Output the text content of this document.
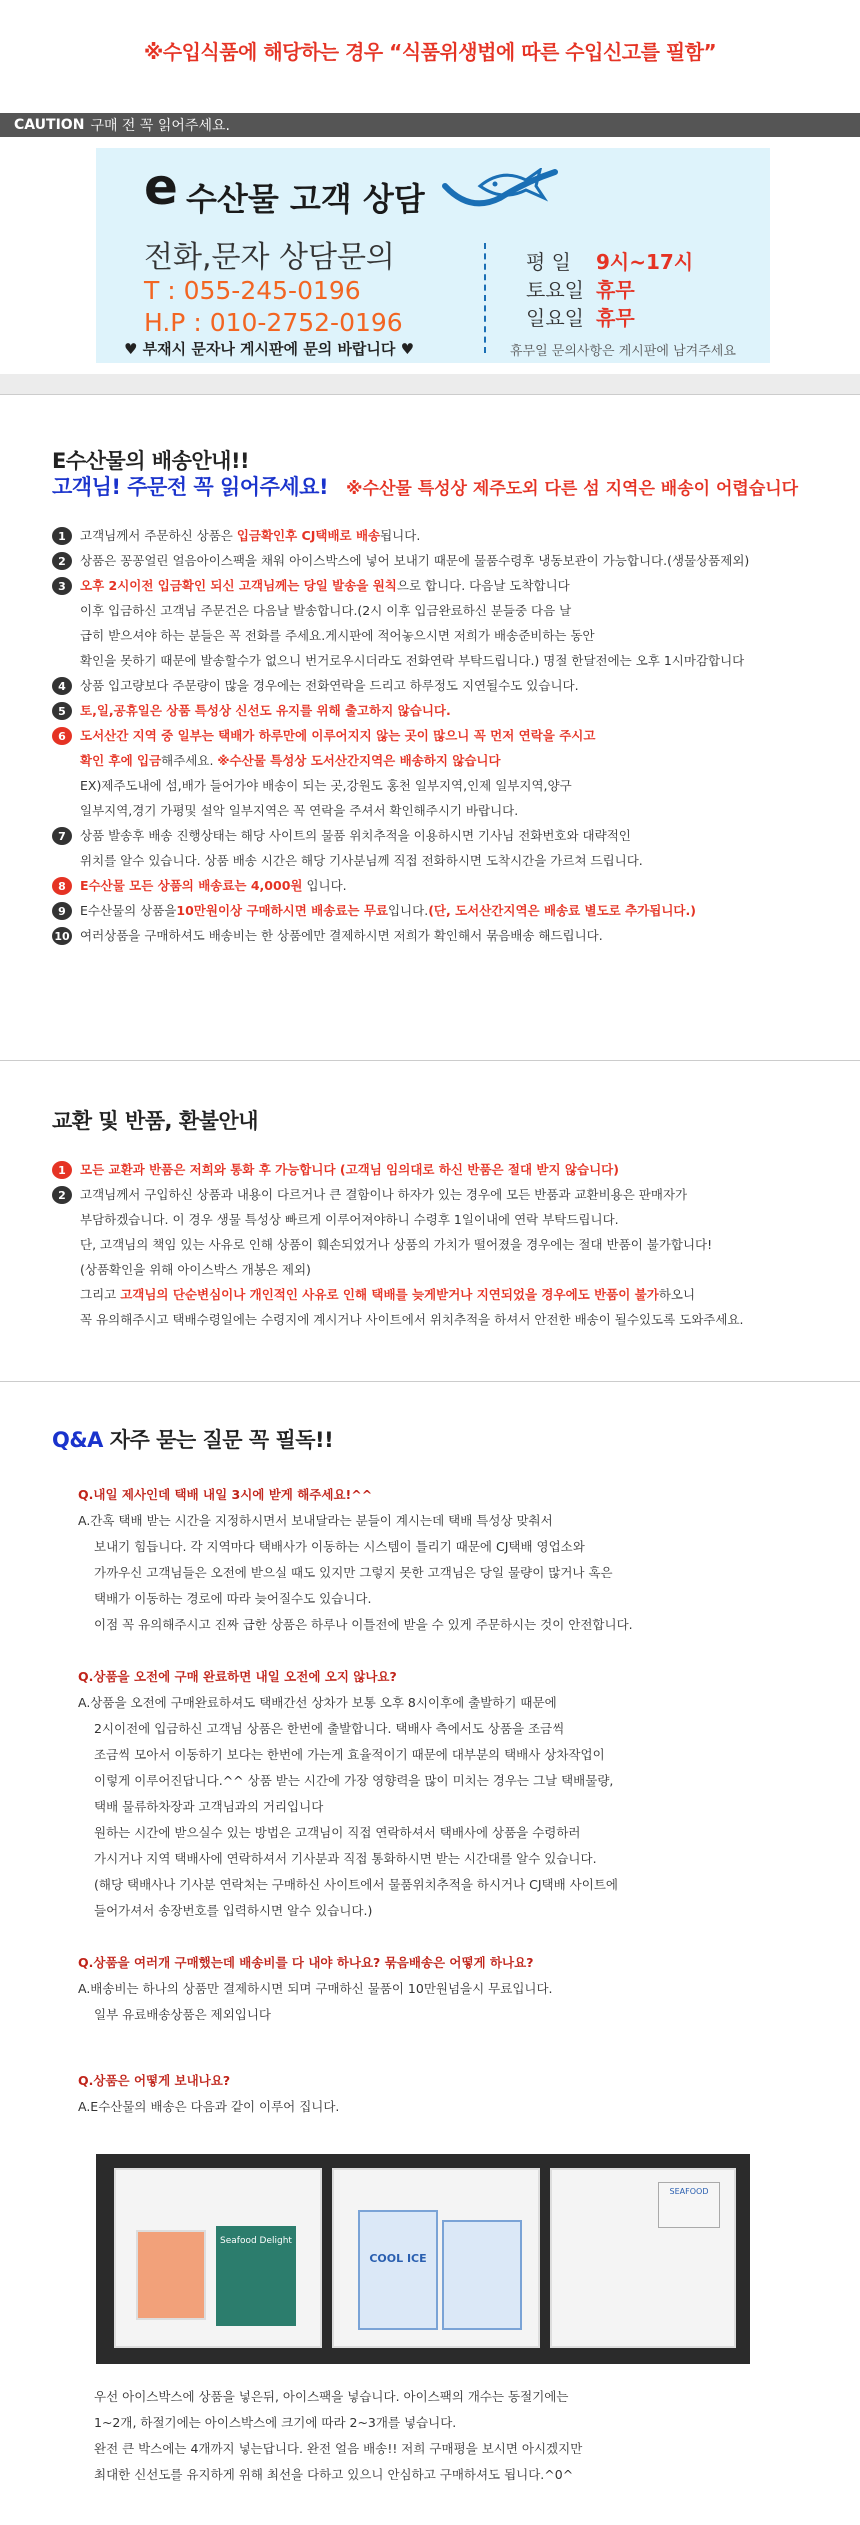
※수입식품에 해당하는 경우 “식품위생법에 따른 수입신고를 필함”
CAUTION 구매 전 꼭 읽어주세요.
e 수산물 고객 상담
전화,문자 상담문의
T : 055-245-0196
H.P : 010-2752-0196
♥ 부재시 문자나 게시판에 문의 바랍니다 ♥
평 일	9시~17시
토요일 휴무
일요일 휴무
휴무일 문의사항은 게시판에 남겨주세요
E수산물의 배송안내!!
고객님! 주문전 꼭 읽어주세요! ※수산물 특성상 제주도외 다른 섬 지역은 배송이 어렵습니다
1	고객님께서 주문하신 상품은 입금확인후 CJ택배로 배송됩니다.
2	상품은 꽁꽁얼린 얼음아이스팩을 채워 아이스박스에 넣어 보내기 때문에 물품수령후 냉동보관이 가능합니다.(생물상품제외)
3	오후 2시이전 입금확인 되신 고객님께는 당일 발송을 원칙으로 합니다. 다음날 도착합니다
이후 입금하신 고객님 주문건은 다음날 발송합니다.(2시 이후 입금완료하신 분들중 다음 날
급히 받으셔야 하는 분들은 꼭 전화를 주세요.게시판에 적어놓으시면 저희가 배송준비하는 동안
확인을 못하기 때문에 발송할수가 없으니 번거로우시더라도 전화연락 부탁드립니다.) 명절 한달전에는 오후 1시마감합니다
4	상품 입고량보다 주문량이 많을 경우에는 전화연락을 드리고 하루정도 지연될수도 있습니다.
5	토,일,공휴일은 상품 특성상 신선도 유지를 위해 출고하지 않습니다.
6	도서산간 지역 중 일부는 택배가 하루만에 이루어지지 않는 곳이 많으니 꼭 먼저 연락을 주시고
확인 후에 입금해주세요. ※수산물 특성상 도서산간지역은 배송하지 않습니다
EX)제주도내에 섬,배가 들어가야 배송이 되는 곳,강원도 홍천 일부지역,인제 일부지역,양구
일부지역,경기 가평및 설악 일부지역은 꼭 연락을 주셔서 확인해주시기 바랍니다.
7	상품 발송후 배송 진행상태는 해당 사이트의 물품 위치추적을 이용하시면 기사님 전화번호와 대략적인
위치를 알수 있습니다. 상품 배송 시간은 해당 기사분님께 직접 전화하시면 도착시간을 가르쳐 드립니다.
8	E수산물 모든 상품의 배송료는 4,000원 입니다.
9	E수산물의 상품을10만원이상 구매하시면 배송료는 무료입니다.(단, 도서산간지역은 배송료 별도로 추가됩니다.)
10 여러상품을 구매하셔도 배송비는 한 상품에만 결제하시면 저희가 확인해서 묶음배송 해드립니다.
교환 및 반품, 환불안내
1	모든 교환과 반품은 저희와 통화 후 가능합니다 (고객님 임의대로 하신 반품은 절대 받지 않습니다)
2	고객님께서 구입하신 상품과 내용이 다르거나 큰 결함이나 하자가 있는 경우에 모든 반품과 교환비용은 판매자가
부담하겠습니다. 이 경우 생물 특성상 빠르게 이루어져야하니 수령후 1일이내에 연락 부탁드립니다.
단, 고객님의 책임 있는 사유로 인해 상품이 훼손되었거나 상품의 가치가 떨어졌을 경우에는 절대 반품이 불가합니다!
(상품확인을 위해 아이스박스 개봉은 제외)
그리고 고객님의 단순변심이나 개인적인 사유로 인해 택배를 늦게받거나 지연되었을 경우에도 반품이 불가하오니
꼭 유의해주시고 택배수령일에는 수령지에 계시거나 사이트에서 위치추적을 하셔서 안전한 배송이 될수있도록 도와주세요.
Q&A 자주 묻는 질문 꼭 필독!!
Q.내일 제사인데 택배 내일 3시에 받게 해주세요!^^
A.간혹 택배 받는 시간을 지정하시면서 보내달라는 분들이 계시는데 택배 특성상 맞춰서
보내기 힘듭니다. 각 지역마다 택배사가 이동하는 시스템이 틀리기 때문에 CJ택배 영업소와
가까우신 고객님들은 오전에 받으실 때도 있지만 그렇지 못한 고객님은 당일 물량이 많거나 혹은
택배가 이동하는 경로에 따라 늦어질수도 있습니다.
이점 꼭 유의해주시고 진짜 급한 상품은 하루나 이틀전에 받을 수 있게 주문하시는 것이 안전합니다.
Q.상품을 오전에 구매 완료하면 내일 오전에 오지 않나요?
A.상품을 오전에 구매완료하셔도 택배간선 상차가 보통 오후 8시이후에 출발하기 때문에
2시이전에 입금하신 고객님 상품은 한번에 출발합니다. 택배사 측에서도 상품을 조금씩
조금씩 모아서 이동하기 보다는 한번에 가는게 효율적이기 때문에 대부분의 택배사 상차작업이
이렇게 이루어진답니다.^^ 상품 받는 시간에 가장 영향력을 많이 미치는 경우는 그날 택배물량,
택배 물류하차장과 고객님과의 거리입니다
원하는 시간에 받으실수 있는 방법은 고객님이 직접 연락하셔서 택배사에 상품을 수령하러
가시거나 지역 택배사에 연락하셔서 기사분과 직접 통화하시면 받는 시간대를 알수 있습니다.
(해당 택배사나 기사분 연락처는 구매하신 사이트에서 물품위치추적을 하시거나 CJ택배 사이트에
들어가셔서 송장번호를 입력하시면 알수 있습니다.)
Q.상품을 여러개 구매했는데 배송비를 다 내야 하나요? 묶음배송은 어떻게 하나요?
A.배송비는 하나의 상품만 결제하시면 되며 구매하신 물품이 10만원넘을시 무료입니다.
일부 유료배송상품은 제외입니다
Q.상품은 어떻게 보내나요?
A.E수산물의 배송은 다음과 같이 이루어 집니다.
Seafood Delight
COOL ICE
SEAFOOD
우선 아이스박스에 상품을 넣은뒤, 아이스팩을 넣습니다. 아이스팩의 개수는 동절기에는
1~2개, 하절기에는 아이스박스에 크기에 따라 2~3개를 넣습니다.
완전 큰 박스에는 4개까지 넣는답니다. 완전 얼음 배송!! 저희 구매평을 보시면 아시겠지만
최대한 신선도를 유지하게 위해 최선을 다하고 있으니 안심하고 구매하셔도 됩니다.^0^
